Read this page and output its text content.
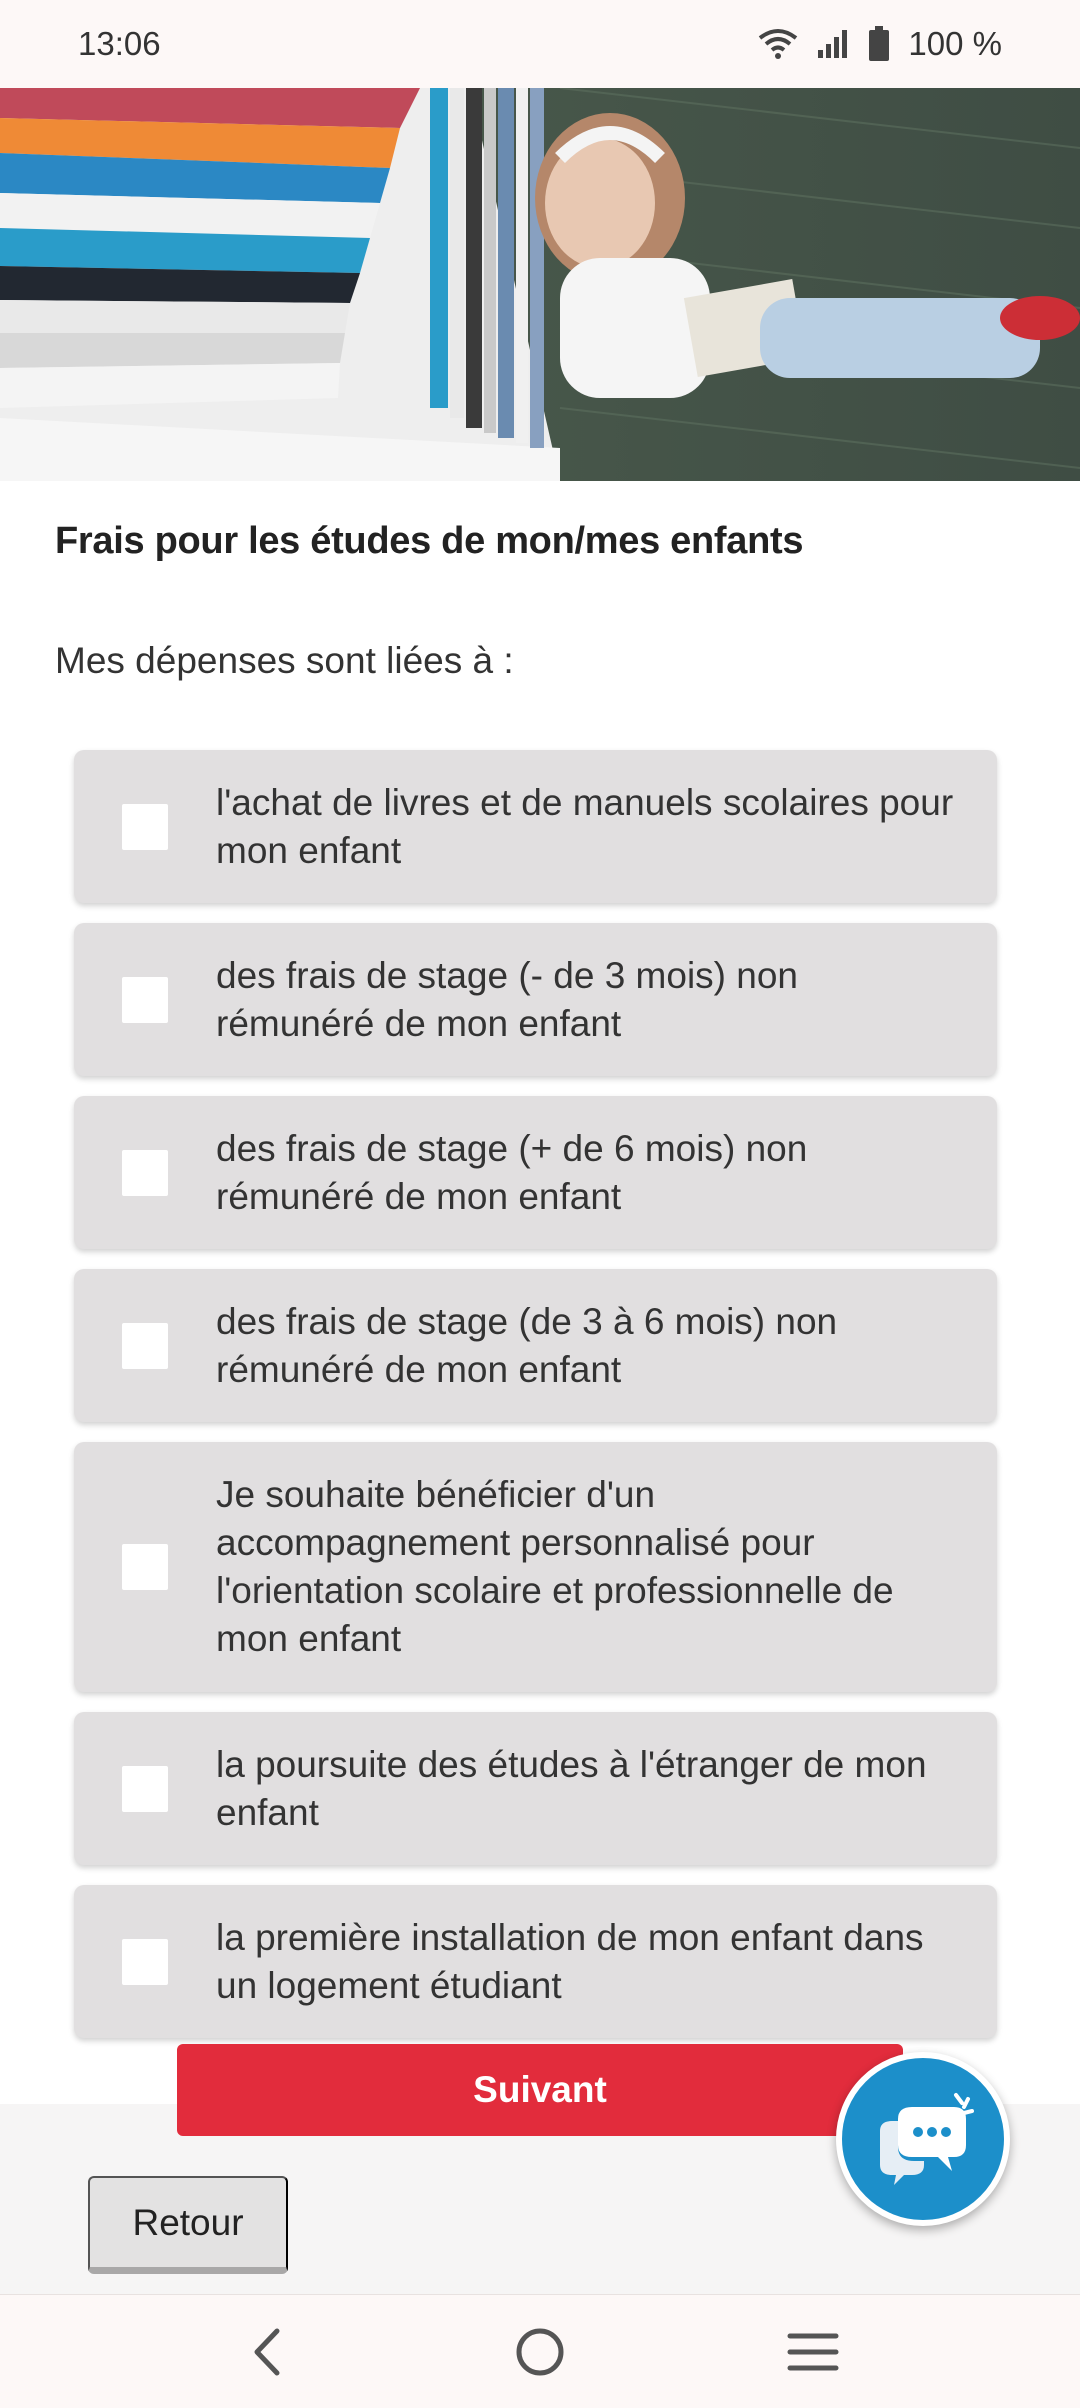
13:06	100 %
Frais pour les études de mon/mes enfants

Mes dépenses sont liées à :

l'achat de livres et de manuels scolaires pour mon enfant
des frais de stage (- de 3 mois) non rémunéré de mon enfant
des frais de stage (+ de 6 mois) non rémunéré de mon enfant
des frais de stage (de 3 à 6 mois) non rémunéré de mon enfant
Je souhaite bénéficier d'un accompagnement personnalisé pour l'orientation scolaire et professionnelle de mon enfant
la poursuite des études à l'étranger de mon enfant
la première installation de mon enfant dans un logement étudiant
Suivant
Retour
